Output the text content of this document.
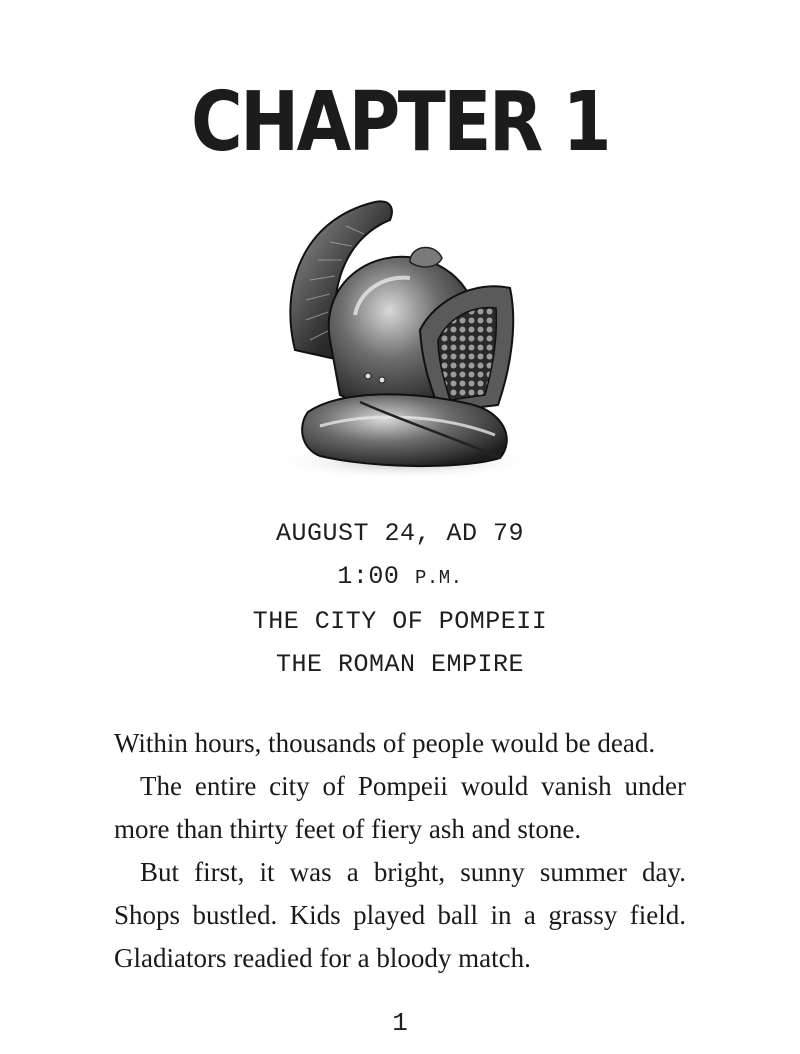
CHAPTER 1
AUGUST 24, AD 79
1:00 P.M.
THE CITY OF POMPEII
THE ROMAN EMPIRE

Within hours, thousands of people would be dead.

The entire city of Pompeii would vanish under more than thirty feet of fiery ash and stone.

But first, it was a bright, sunny summer day. Shops bustled. Kids played ball in a grassy field. Gladiators readied for a bloody match.

1
